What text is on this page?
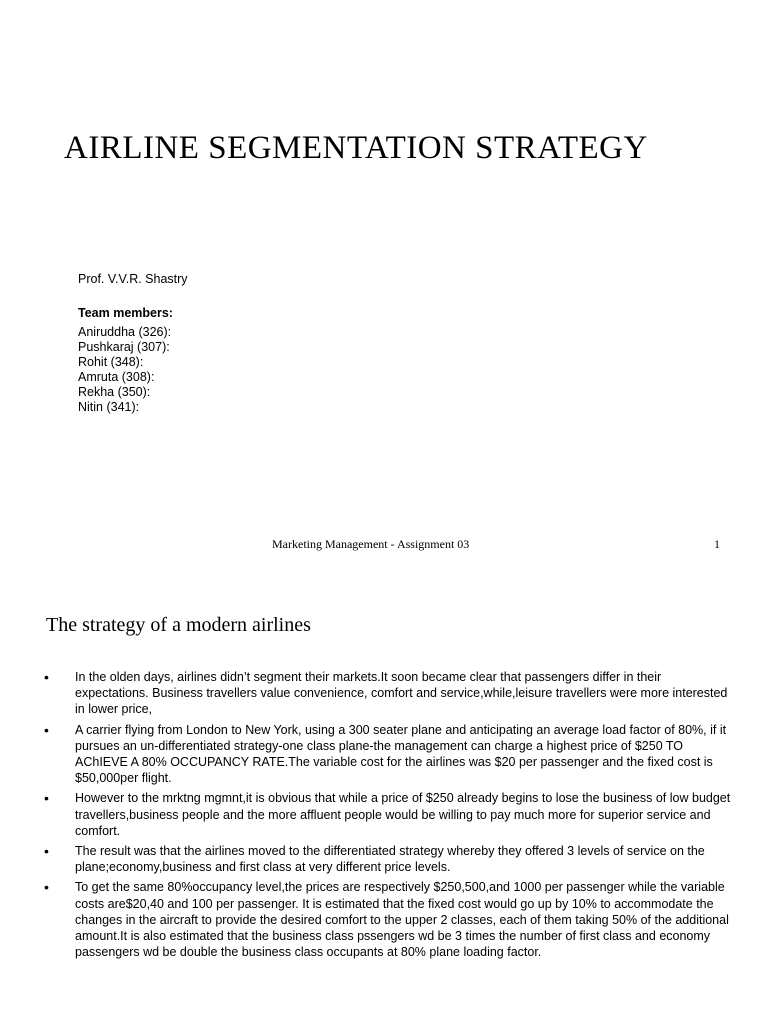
AIRLINE SEGMENTATION STRATEGY
Prof. V.V.R. Shastry
Team members:
Aniruddha (326):
Pushkaraj (307):
Rohit (348):
Amruta (308):
Rekha (350):
Nitin (341):
Marketing Management - Assignment 03	1
The strategy of a modern airlines
• In the olden days, airlines didn’t segment their markets.It soon became clear that passengers differ in their expectations. Business travellers value convenience, comfort and service,while,leisure travellers were more interested in lower price,
• A carrier flying from London to New York, using a 300 seater plane and anticipating an average load factor of 80%, if it pursues an un-differentiated strategy-one class plane-the management can charge a highest price of $250 TO AChIEVE A 80% OCCUPANCY RATE.The variable cost for the airlines was $20 per passenger and the fixed cost is $50,000per flight.
• However to the mrktng mgmnt,it is obvious that while a price of $250 already begins to lose the business of low budget travellers,business people and the more affluent people would be willing to pay much more for superior service and comfort.
• The result was that the airlines moved to the differentiated strategy whereby they offered 3 levels of service on the plane;economy,business and first class at very different price levels.
• To get the same 80%occupancy level,the prices are respectively $250,500,and 1000 per passenger while the variable costs are$20,40 and 100 per passenger. It is estimated that the fixed cost would go up by 10% to accommodate the changes in the aircraft to provide the desired comfort to the upper 2 classes, each of them taking 50% of the additional amount.It is also estimated that the business class pssengers wd be 3 times the number of first class and economy passengers wd be double the business class occupants at 80% plane loading factor.
